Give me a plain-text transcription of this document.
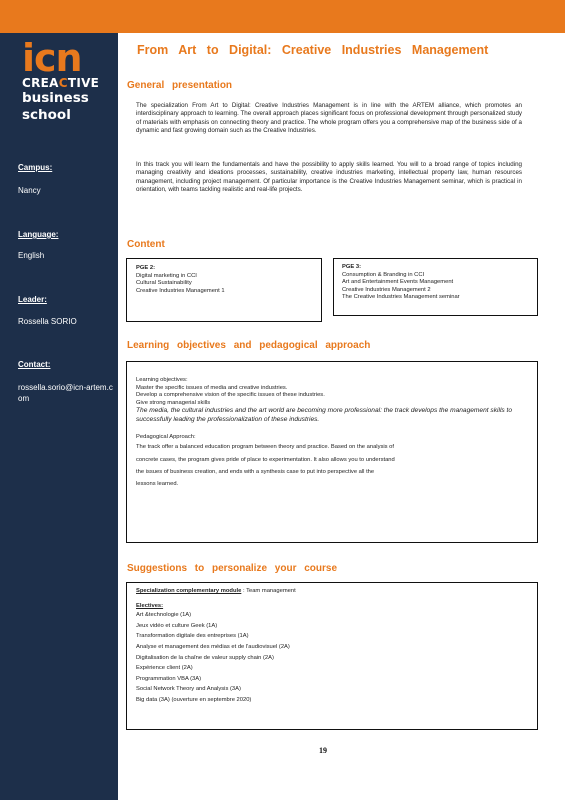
icn
CREACTIVE
business
school
Campus:
Nancy
Language:
English
Leader:
Rossella SORIO
Contact:
rossella.sorio@icn-artem.com
From Art to Digital: Creative Industries Management
General presentation
The specialization From Art to Digital: Creative Industries Management is in line with the ARTEM alliance, which promotes an interdisciplinary approach to learning. The overall approach places significant focus on professional development through personalized study of materials with emphasis on connecting theory and practice. The whole program offers you a comprehensive map of the business side of a dynamic and fast growing domain such as the Creative Industries.
In this track you will learn the fundamentals and have the possibility to apply skills learned. You will to a broad range of topics including managing creativity and ideations processes, sustainability, creative industries marketing, intellectual property law, human resources management, including project management. Of particular importance is the Creative Industries Management seminar, which is practical in orientation, with teams tackling realistic and real-life projects.
Content
PGE 2:
Digital marketing in CCI
Cultural Sustainability
Creative Industries Management 1
PGE 3:
Consumption & Branding in CCI
Art and Entertainment Events Management
Creative Industries Management 2
The Creative Industries Management seminar
Learning objectives and pedagogical approach
Learning objectives:
Master the specific issues of media and creative industries.
Develop a comprehensive vision of the specific issues of these industries.
Give strong managerial skills
The media, the cultural industries and the art world are becoming more professional: the track develops the management skills to successfully leading the professionalization of these industries.
Pedagogical Approach:
The track offer a balanced education program between theory and practice. Based on the analysis of
concrete cases, the program gives pride of place to experimentation. It also allows you to understand
the issues of business creation, and ends with a synthesis case to put into perspective all the
lessons learned.
Suggestions to personalize your course
Specialization complementary module : Team management
Electives:
Art &technologie (1A)
Jeux vidéo et culture Geek (1A)
Transformation digitale des entreprises (1A)
Analyse et management des médias et de l'audiovisuel (2A)
Digitalisation de la chaîne de valeur supply chain (2A)
Expérience client (2A)
Programmation VBA (3A)
Social Network Theory and Analysis (3A)
Big data (3A) (ouverture en septembre 2020)
19
